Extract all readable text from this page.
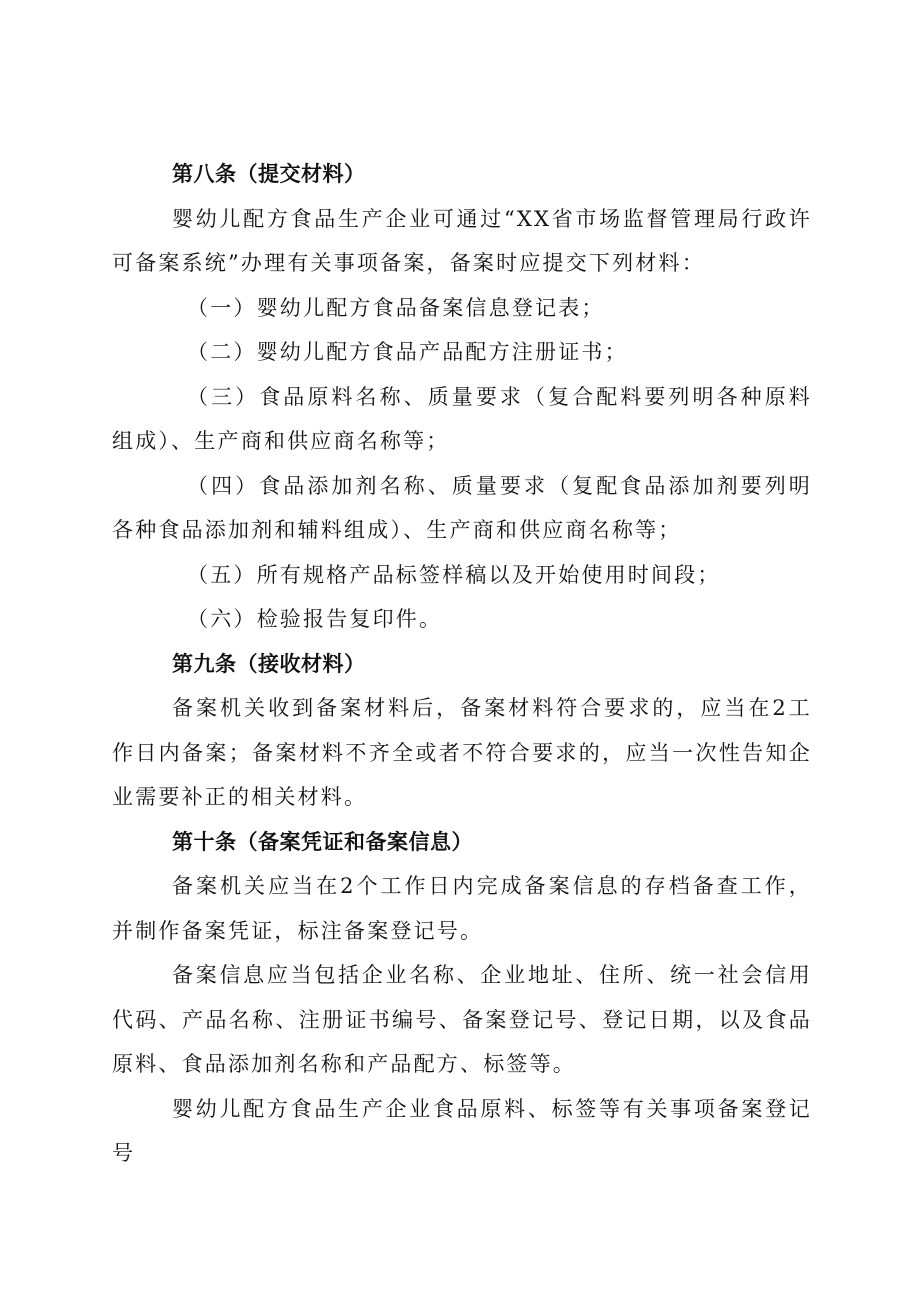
第八条（提交材料）

婴幼儿配方食品生产企业可通过“XX省市场监督管理局行政许可备案系统”办理有关事项备案，备案时应提交下列材料：

（一）婴幼儿配方食品备案信息登记表；

（二）婴幼儿配方食品产品配方注册证书；

（三）食品原料名称、质量要求（复合配料要列明各种原料组成）、生产商和供应商名称等；

（四）食品添加剂名称、质量要求（复配食品添加剂要列明各种食品添加剂和辅料组成）、生产商和供应商名称等；

（五）所有规格产品标签样稿以及开始使用时间段；

（六）检验报告复印件。

第九条（接收材料）

备案机关收到备案材料后，备案材料符合要求的，应当在2工作日内备案；备案材料不齐全或者不符合要求的，应当一次性告知企业需要补正的相关材料。

第十条（备案凭证和备案信息）

备案机关应当在2个工作日内完成备案信息的存档备查工作，并制作备案凭证，标注备案登记号。

备案信息应当包括企业名称、企业地址、住所、统一社会信用代码、产品名称、注册证书编号、备案登记号、登记日期，以及食品原料、食品添加剂名称和产品配方、标签等。

婴幼儿配方食品生产企业食品原料、标签等有关事项备案登记号
